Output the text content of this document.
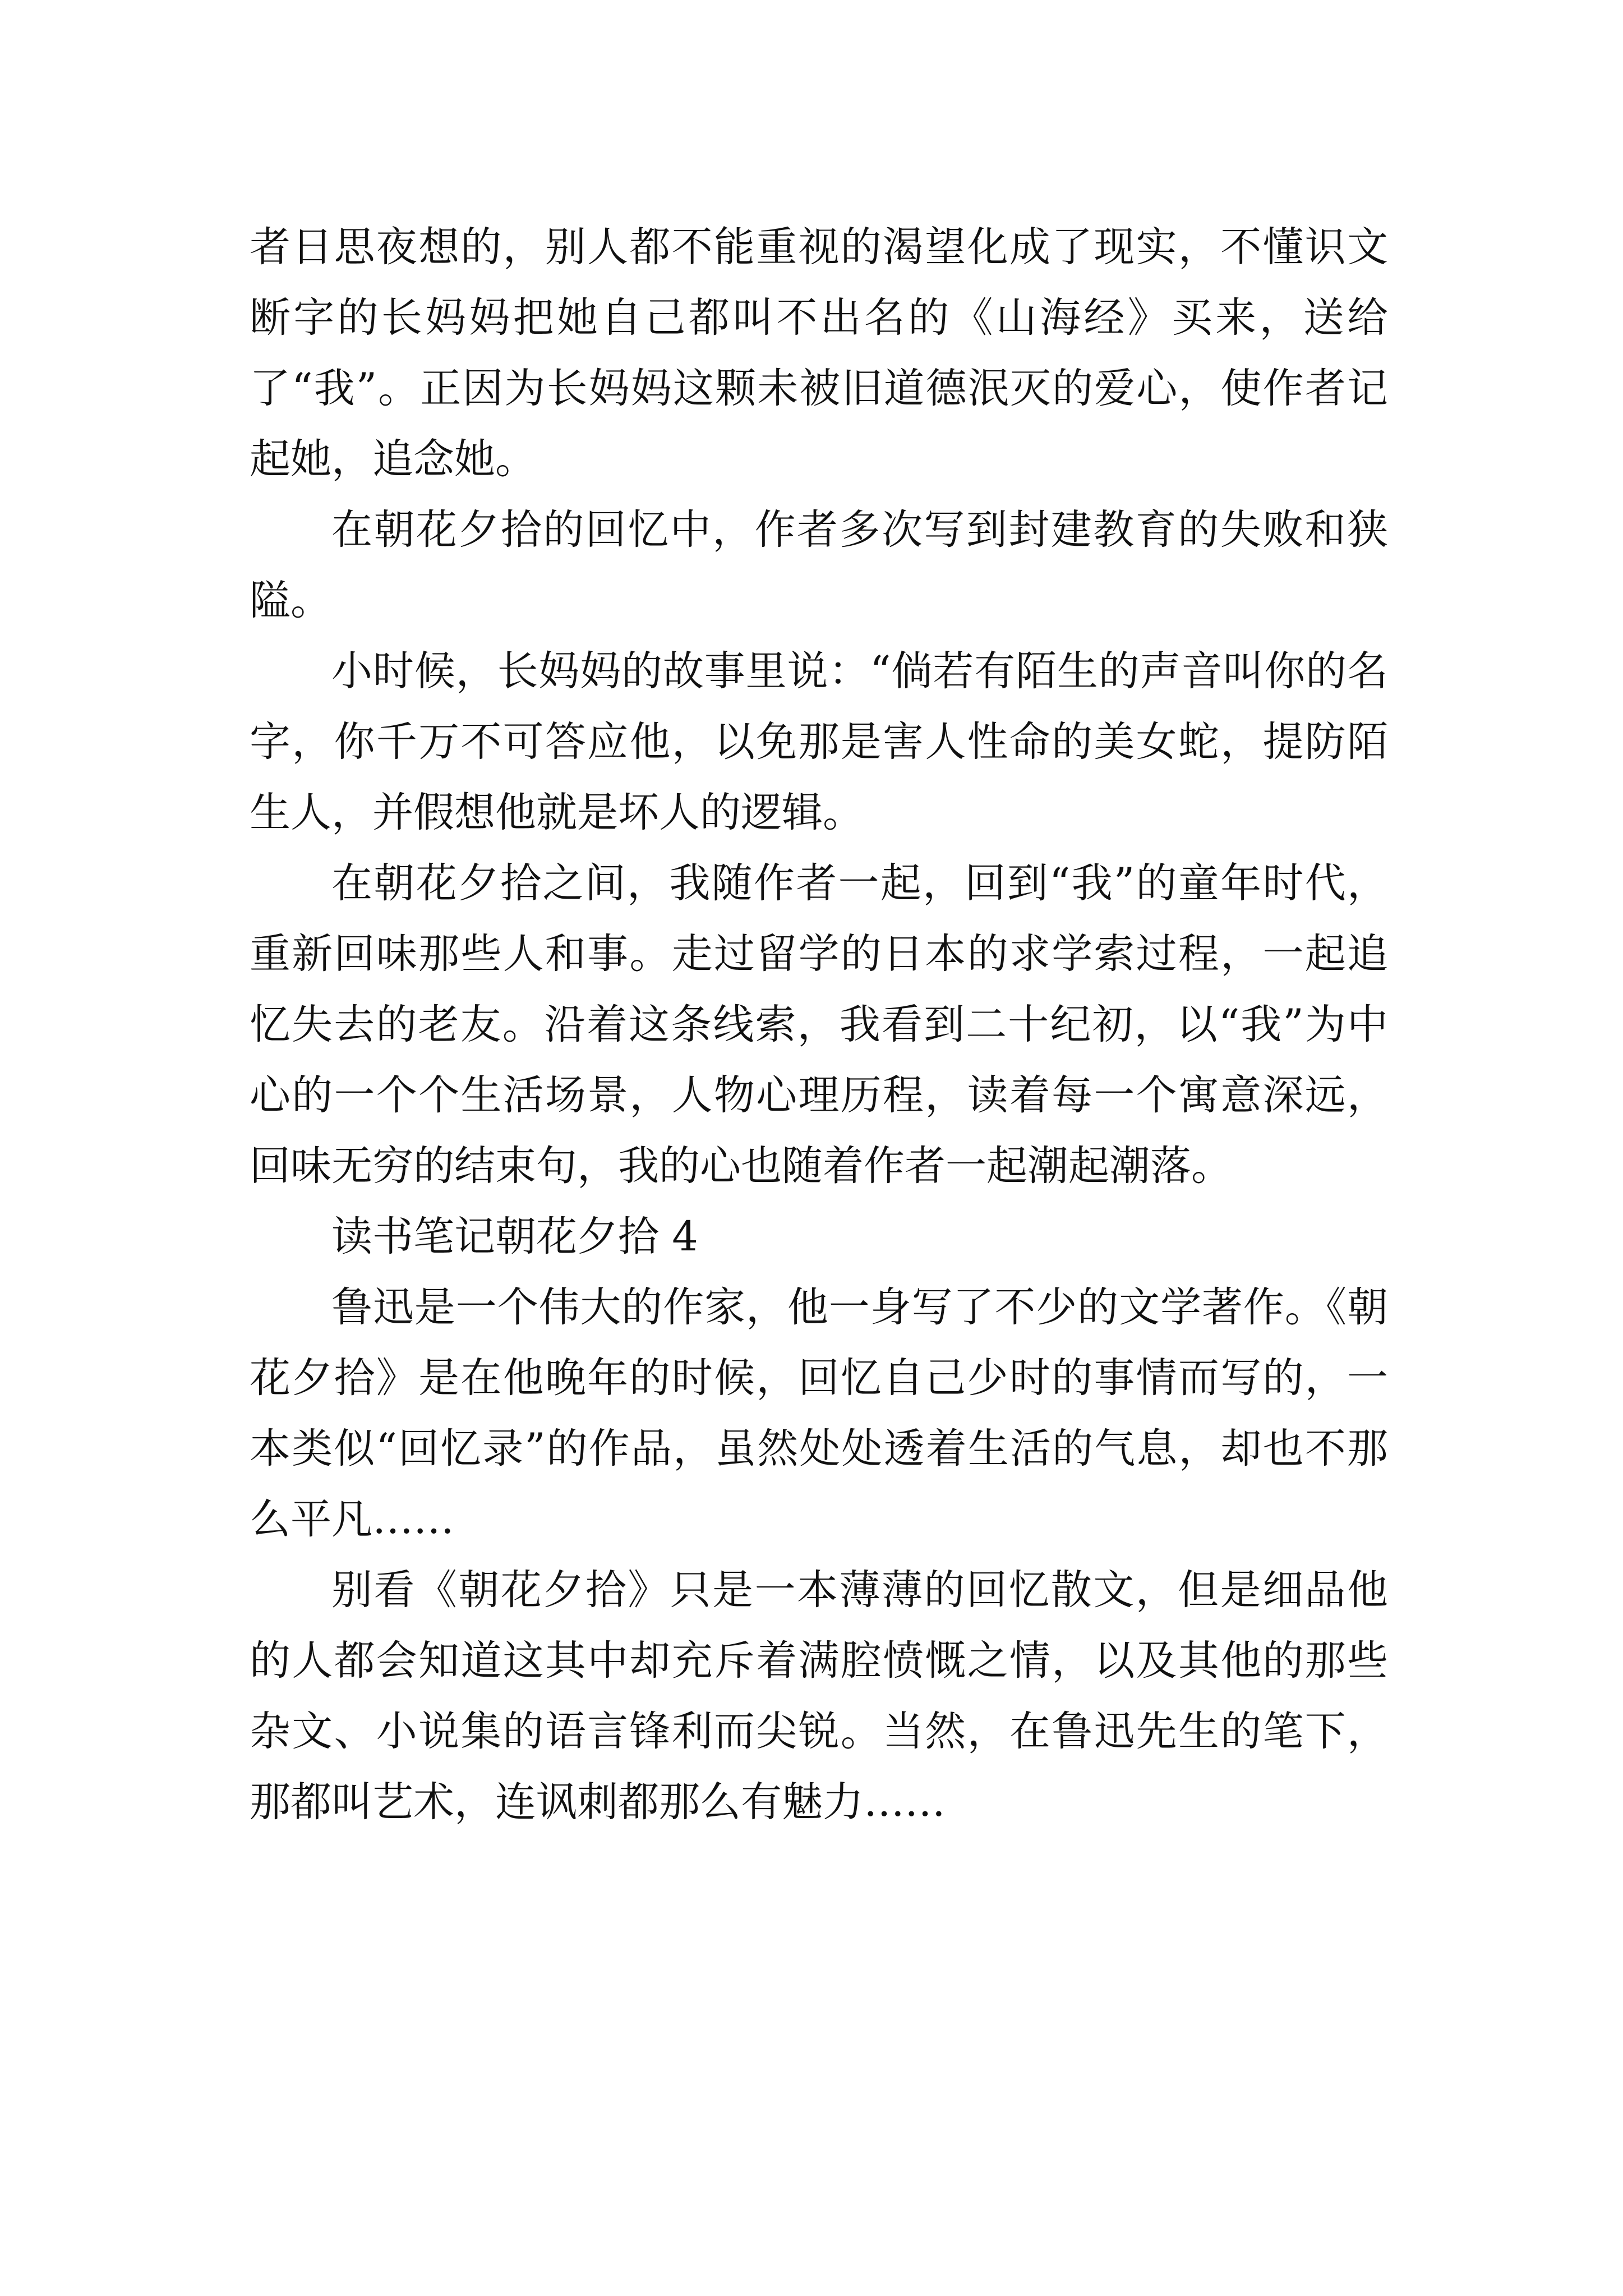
者日思夜想的，别人都不能重视的渴望化成了现实，不懂识文断字的长妈妈把她自己都叫不出名的《山海经》买来，送给了“我”。正因为长妈妈这颗未被旧道德泯灭的爱心，使作者记起她，追念她。

在朝花夕拾的回忆中，作者多次写到封建教育的失败和狭隘。

小时候，长妈妈的故事里说：“倘若有陌生的声音叫你的名字，你千万不可答应他，以免那是害人性命的美女蛇，提防陌生人，并假想他就是坏人的逻辑。

在朝花夕拾之间，我随作者一起，回到“我”的童年时代，重新回味那些人和事。走过留学的日本的求学索过程，一起追忆失去的老友。沿着这条线索，我看到二十纪初，以“我”为中心的一个个生活场景，人物心理历程，读着每一个寓意深远，回味无穷的结束句，我的心也随着作者一起潮起潮落。

读书笔记朝花夕拾 4

鲁迅是一个伟大的作家，他一身写了不少的文学著作。《朝花夕拾》是在他晚年的时候，回忆自己少时的事情而写的，一本类似“回忆录”的作品，虽然处处透着生活的气息，却也不那么平凡……

别看《朝花夕拾》只是一本薄薄的回忆散文，但是细品他的人都会知道这其中却充斥着满腔愤慨之情，以及其他的那些杂文、小说集的语言锋利而尖锐。当然，在鲁迅先生的笔下，那都叫艺术，连讽刺都那么有魅力……
